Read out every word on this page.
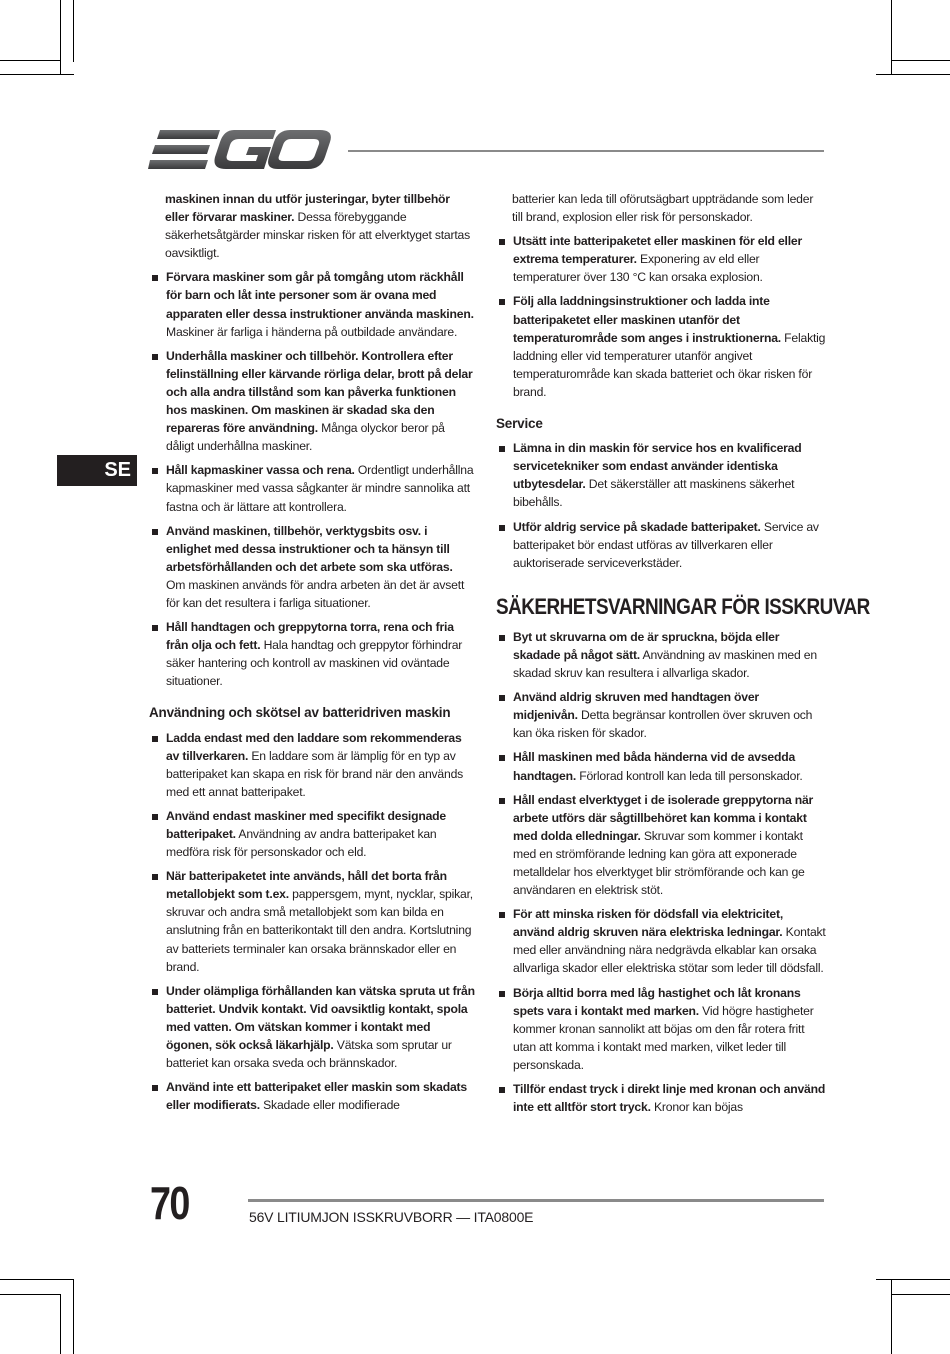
SE

maskinen innan du utför justeringar, byter tillbehör eller förvarar maskiner. Dessa förebyggande säkerhetsåtgärder minskar risken för att elverktyget startas oavsiktligt.

Förvara maskiner som går på tomgång utom räckhåll för barn och låt inte personer som är ovana med apparaten eller dessa instruktioner använda maskinen. Maskiner är farliga i händerna på outbildade användare.
Underhålla maskiner och tillbehör. Kontrollera efter felinställning eller kärvande rörliga delar, brott på delar och alla andra tillstånd som kan påverka funktionen hos maskinen. Om maskinen är skadad ska den repareras före användning. Många olyckor beror på dåligt underhållna maskiner.
Håll kapmaskiner vassa och rena. Ordentligt underhållna kapmaskiner med vassa sågkanter är mindre sannolika att fastna och är lättare att kontrollera.
Använd maskinen, tillbehör, verktygsbits osv. i enlighet med dessa instruktioner och ta hänsyn till arbetsförhållanden och det arbete som ska utföras. Om maskinen används för andra arbeten än det är avsett för kan det resultera i farliga situationer.
Håll handtagen och greppytorna torra, rena och fria från olja och fett. Hala handtag och greppytor förhindrar säker hantering och kontroll av maskinen vid oväntade situationer.
Användning och skötsel av batteridriven maskin
Ladda endast med den laddare som rekommenderas av tillverkaren. En laddare som är lämplig för en typ av batteripaket kan skapa en risk för brand när den används med ett annat batteripaket.
Använd endast maskiner med specifikt designade batteripaket. Användning av andra batteripaket kan medföra risk för personskador och eld.
När batteripaketet inte används, håll det borta från metallobjekt som t.ex. pappersgem, mynt, nycklar, spikar, skruvar och andra små metallobjekt som kan bilda en anslutning från en batterikontakt till den andra. Kortslutning av batteriets terminaler kan orsaka brännskador eller en brand.
Under olämpliga förhållanden kan vätska spruta ut från batteriet. Undvik kontakt. Vid oavsiktlig kontakt, spola med vatten. Om vätskan kommer i kontakt med ögonen, sök också läkarhjälp. Vätska som sprutar ur batteriet kan orsaka sveda och brännskador.
Använd inte ett batteripaket eller maskin som skadats eller modifierats. Skadade eller modifierade

batterier kan leda till oförutsägbart uppträdande som leder till brand, explosion eller risk för personskador.

Utsätt inte batteripaketet eller maskinen för eld eller extrema temperaturer. Exponering av eld eller temperaturer över 130 °C kan orsaka explosion.
Följ alla laddningsinstruktioner och ladda inte batteripaketet eller maskinen utanför det temperaturområde som anges i instruktionerna. Felaktig laddning eller vid temperaturer utanför angivet temperaturområde kan skada batteriet och ökar risken för brand.
Service
Lämna in din maskin för service hos en kvalificerad servicetekniker som endast använder identiska utbytesdelar. Det säkerställer att maskinens säkerhet bibehålls.
Utför aldrig service på skadade batteripaket. Service av batteripaket bör endast utföras av tillverkaren eller auktoriserade serviceverkstäder.
SÄKERHETSVARNINGAR FÖR ISSKRUVAR
Byt ut skruvarna om de är spruckna, böjda eller skadade på något sätt. Användning av maskinen med en skadad skruv kan resultera i allvarliga skador.
Använd aldrig skruven med handtagen över midjenivån. Detta begränsar kontrollen över skruven och kan öka risken för skador.
Håll maskinen med båda händerna vid de avsedda handtagen. Förlorad kontroll kan leda till personskador.
Håll endast elverktyget i de isolerade greppytorna när arbete utförs där sågtillbehöret kan komma i kontakt med dolda elledningar. Skruvar som kommer i kontakt med en strömförande ledning kan göra att exponerade metalldelar hos elverktyget blir strömförande och kan ge användaren en elektrisk stöt.
För att minska risken för dödsfall via elektricitet, använd aldrig skruven nära elektriska ledningar. Kontakt med eller användning nära nedgrävda elkablar kan orsaka allvarliga skador eller elektriska stötar som leder till dödsfall.
Börja alltid borra med låg hastighet och låt kronans spets vara i kontakt med marken. Vid högre hastigheter kommer kronan sannolikt att böjas om den får rotera fritt utan att komma i kontakt med marken, vilket leder till personskada.
Tillför endast tryck i direkt linje med kronan och använd inte ett alltför stort tryck. Kronor kan böjas
70	56V LITIUMJON ISSKRUVBORR — ITA0800E
